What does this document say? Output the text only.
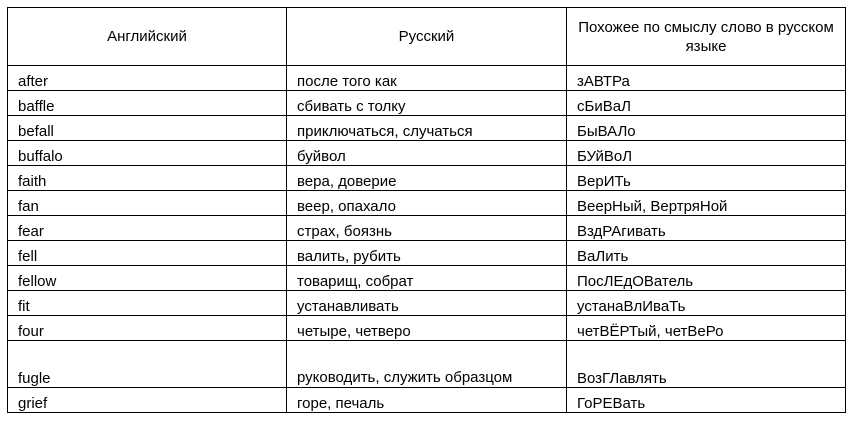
Английский	Русский	Похожее по смыслу слово в русском языке
after	после того как	зАВТРа
baffle	сбивать с толку	сБиВаЛ
befall	приключаться, случаться	БыВАЛо
buffalo	буйвол	БУйВоЛ
faith	вера, доверие	ВерИТь
fan	веер, опахало	ВеерНый, ВертряНой
fear	страх, боязнь	ВздРАгивать
fell	валить, рубить	ВаЛить
fellow	товарищ, собрат	ПосЛЕдОВатель
fit	устанавливать	устанаВлИваТь
four	четыре, четверо	четВЁРТый, четВеРо
fugle	руководить, служить образцом	ВозГЛавлять
grief	горе, печаль	ГоРЕВать
